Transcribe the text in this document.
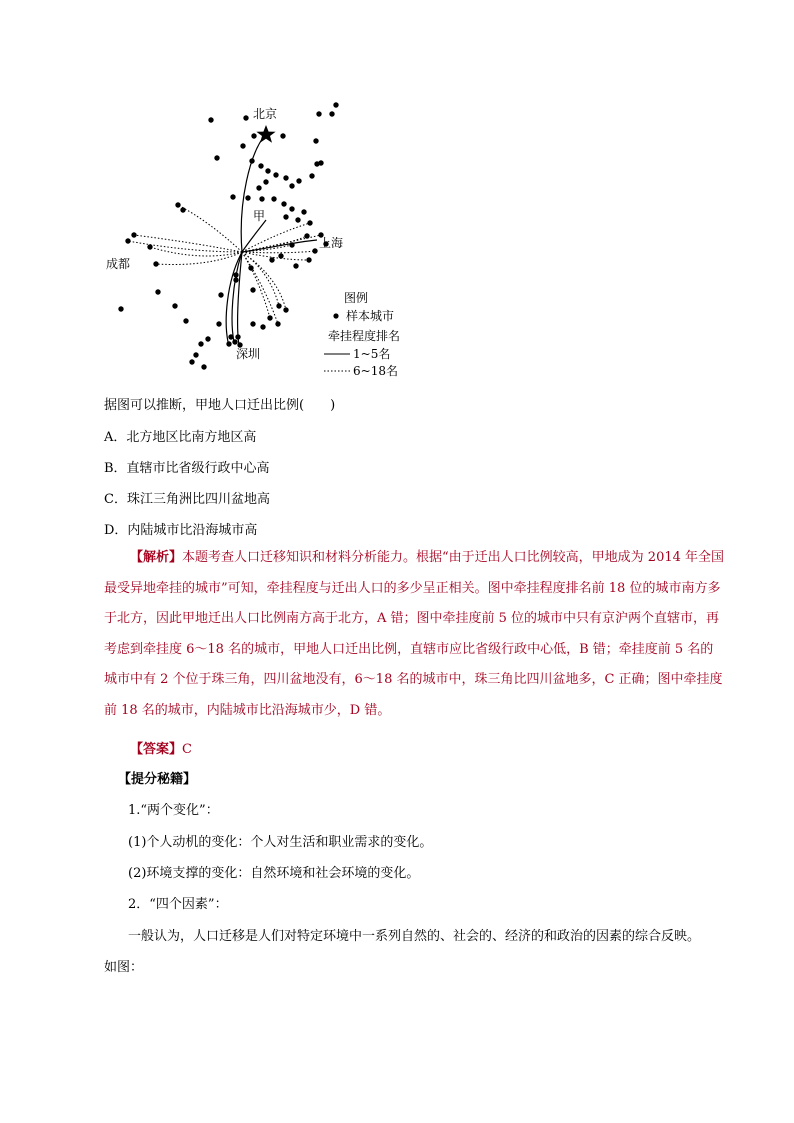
北京
甲
上海
成都
深圳
图例
样本城市
牵挂程度排名
1~5名
6~18名
据图可以推断，甲地人口迁出比例(　　)
A．北方地区比南方地区高
B．直辖市比省级行政中心高
C．珠江三角洲比四川盆地高
D．内陆城市比沿海城市高
【解析】本题考查人口迁移知识和材料分析能力。根据“由于迁出人口比例较高，甲地成为 2014 年全国最受异地牵挂的城市”可知，牵挂程度与迁出人口的多少呈正相关。图中牵挂程度排名前 18 位的城市南方多于北方，因此甲地迁出人口比例南方高于北方，A 错；图中牵挂度前 5 位的城市中只有京沪两个直辖市，再考虑到牵挂度 6～18 名的城市，甲地人口迁出比例，直辖市应比省级行政中心低，B 错；牵挂度前 5 名的城市中有 2 个位于珠三角，四川盆地没有，6～18 名的城市中，珠三角比四川盆地多，C 正确；图中牵挂度前 18 名的城市，内陆城市比沿海城市少，D 错。
【答案】C
【提分秘籍】
1.“两个变化”：
(1)个人动机的变化：个人对生活和职业需求的变化。
(2)环境支撑的变化：自然环境和社会环境的变化。
2．“四个因素”：
一般认为，人口迁移是人们对特定环境中一系列自然的、社会的、经济的和政治的因素的综合反映。
如图：
